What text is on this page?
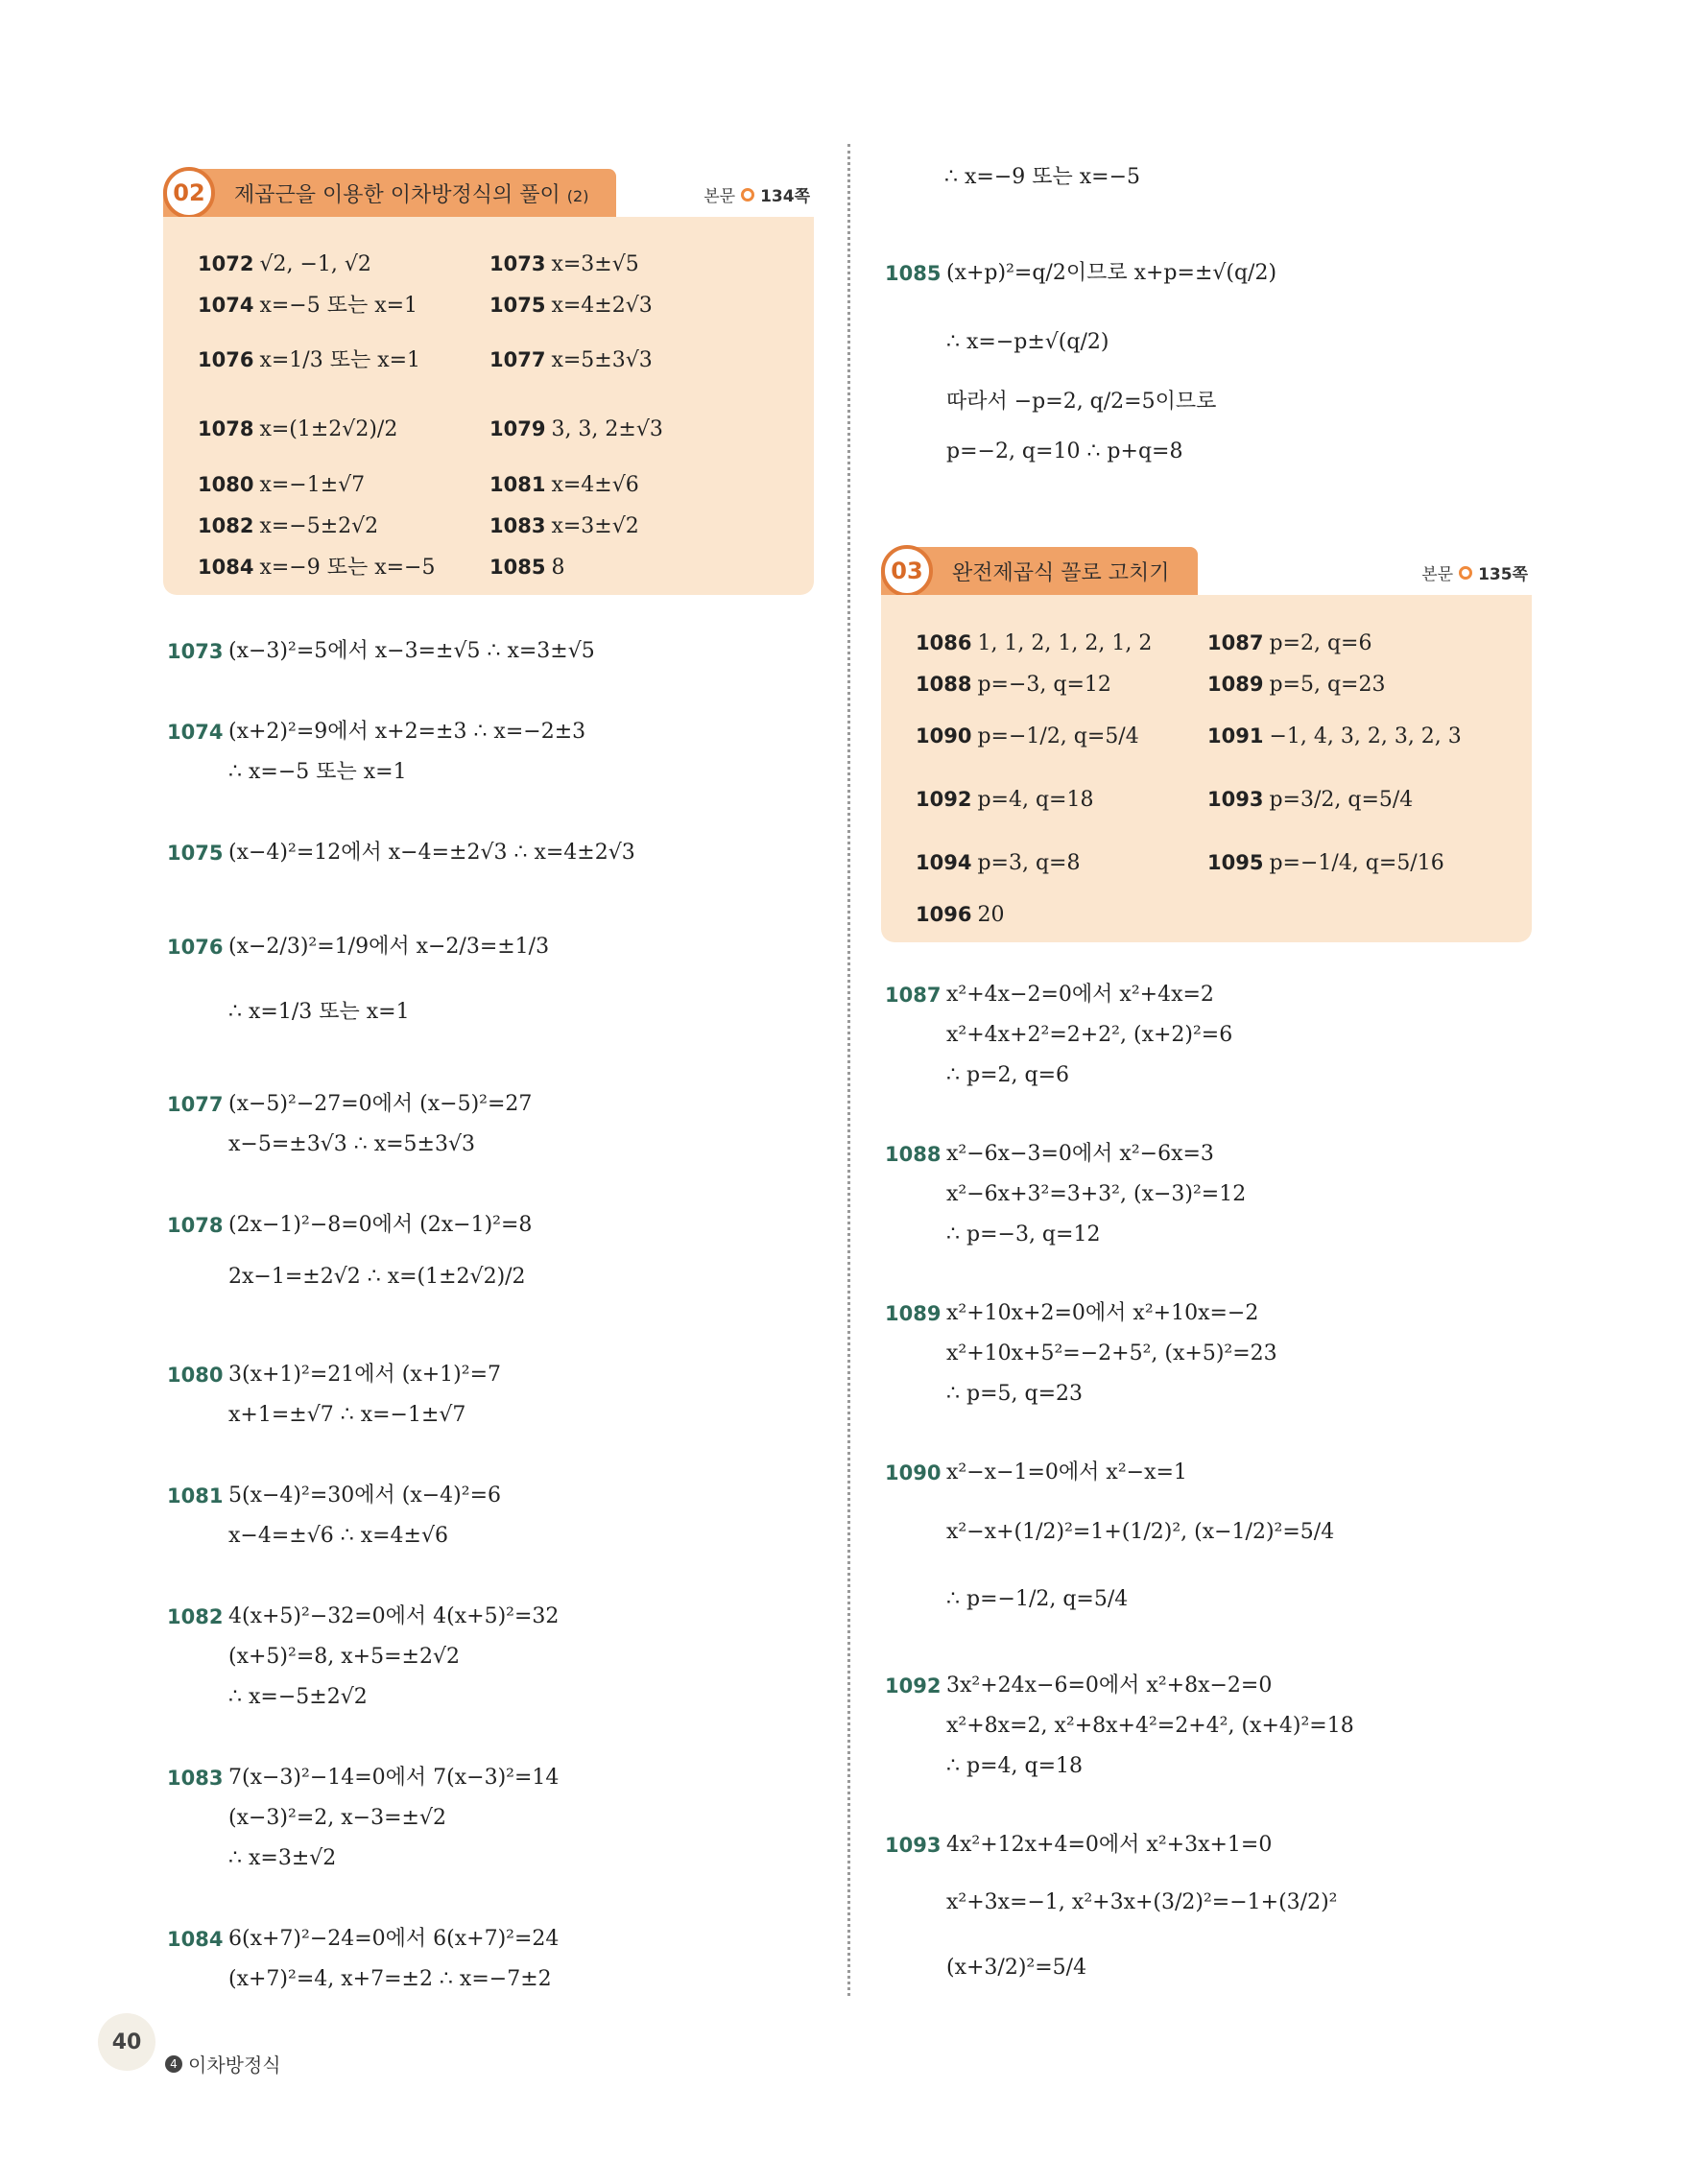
02	제곱근을 이용한 이차방정식의 풀이 (2)	본문 134쪽
1072 √2, −1, √2	1073 x=3±√5
1074 x=−5 또는 x=1	1075 x=4±2√3
1076 x=1/3 또는 x=1	1077 x=5±3√3
1078 x=(1±2√2)/2	1079 3, 3, 2±√3
1080 x=−1±√7	1081 x=4±√6
1082 x=−5±2√2	1083 x=3±√2
1084 x=−9 또는 x=−5	1085 8
1073 (x−3)²=5에서 x−3=±√5 ∴ x=3±√5
1074 (x+2)²=9에서 x+2=±3 ∴ x=−2±3
∴ x=−5 또는 x=1
1075 (x−4)²=12에서 x−4=±2√3 ∴ x=4±2√3
1076 (x−2/3)²=1/9에서 x−2/3=±1/3
∴ x=1/3 또는 x=1
1077 (x−5)²−27=0에서 (x−5)²=27
x−5=±3√3 ∴ x=5±3√3
1078 (2x−1)²−8=0에서 (2x−1)²=8
2x−1=±2√2 ∴ x=(1±2√2)/2
1080 3(x+1)²=21에서 (x+1)²=7
x+1=±√7 ∴ x=−1±√7
1081 5(x−4)²=30에서 (x−4)²=6
x−4=±√6 ∴ x=4±√6
1082 4(x+5)²−32=0에서 4(x+5)²=32
(x+5)²=8, x+5=±2√2
∴ x=−5±2√2
1083 7(x−3)²−14=0에서 7(x−3)²=14
(x−3)²=2, x−3=±√2
∴ x=3±√2
1084 6(x+7)²−24=0에서 6(x+7)²=24
(x+7)²=4, x+7=±2 ∴ x=−7±2
∴ x=−9 또는 x=−5
1085 (x+p)²=q/2이므로 x+p=±√(q/2)
∴ x=−p±√(q/2)
따라서 −p=2, q/2=5이므로
p=−2, q=10 ∴ p+q=8
03	완전제곱식 꼴로 고치기	본문 135쪽
1086 1, 1, 2, 1, 2, 1, 2	1087 p=2, q=6
1088 p=−3, q=12	1089 p=5, q=23
1090 p=−1/2, q=5/4	1091 −1, 4, 3, 2, 3, 2, 3
1092 p=4, q=18	1093 p=3/2, q=5/4
1094 p=3, q=8	1095 p=−1/4, q=5/16
1096 20
1087 x²+4x−2=0에서 x²+4x=2
x²+4x+2²=2+2², (x+2)²=6
∴ p=2, q=6
1088 x²−6x−3=0에서 x²−6x=3
x²−6x+3²=3+3², (x−3)²=12
∴ p=−3, q=12
1089 x²+10x+2=0에서 x²+10x=−2
x²+10x+5²=−2+5², (x+5)²=23
∴ p=5, q=23
1090 x²−x−1=0에서 x²−x=1
x²−x+(1/2)²=1+(1/2)², (x−1/2)²=5/4
∴ p=−1/2, q=5/4
1092 3x²+24x−6=0에서 x²+8x−2=0
x²+8x=2, x²+8x+4²=2+4², (x+4)²=18
∴ p=4, q=18
1093 4x²+12x+4=0에서 x²+3x+1=0
x²+3x=−1, x²+3x+(3/2)²=−1+(3/2)²
(x+3/2)²=5/4
40
4 이차방정식
